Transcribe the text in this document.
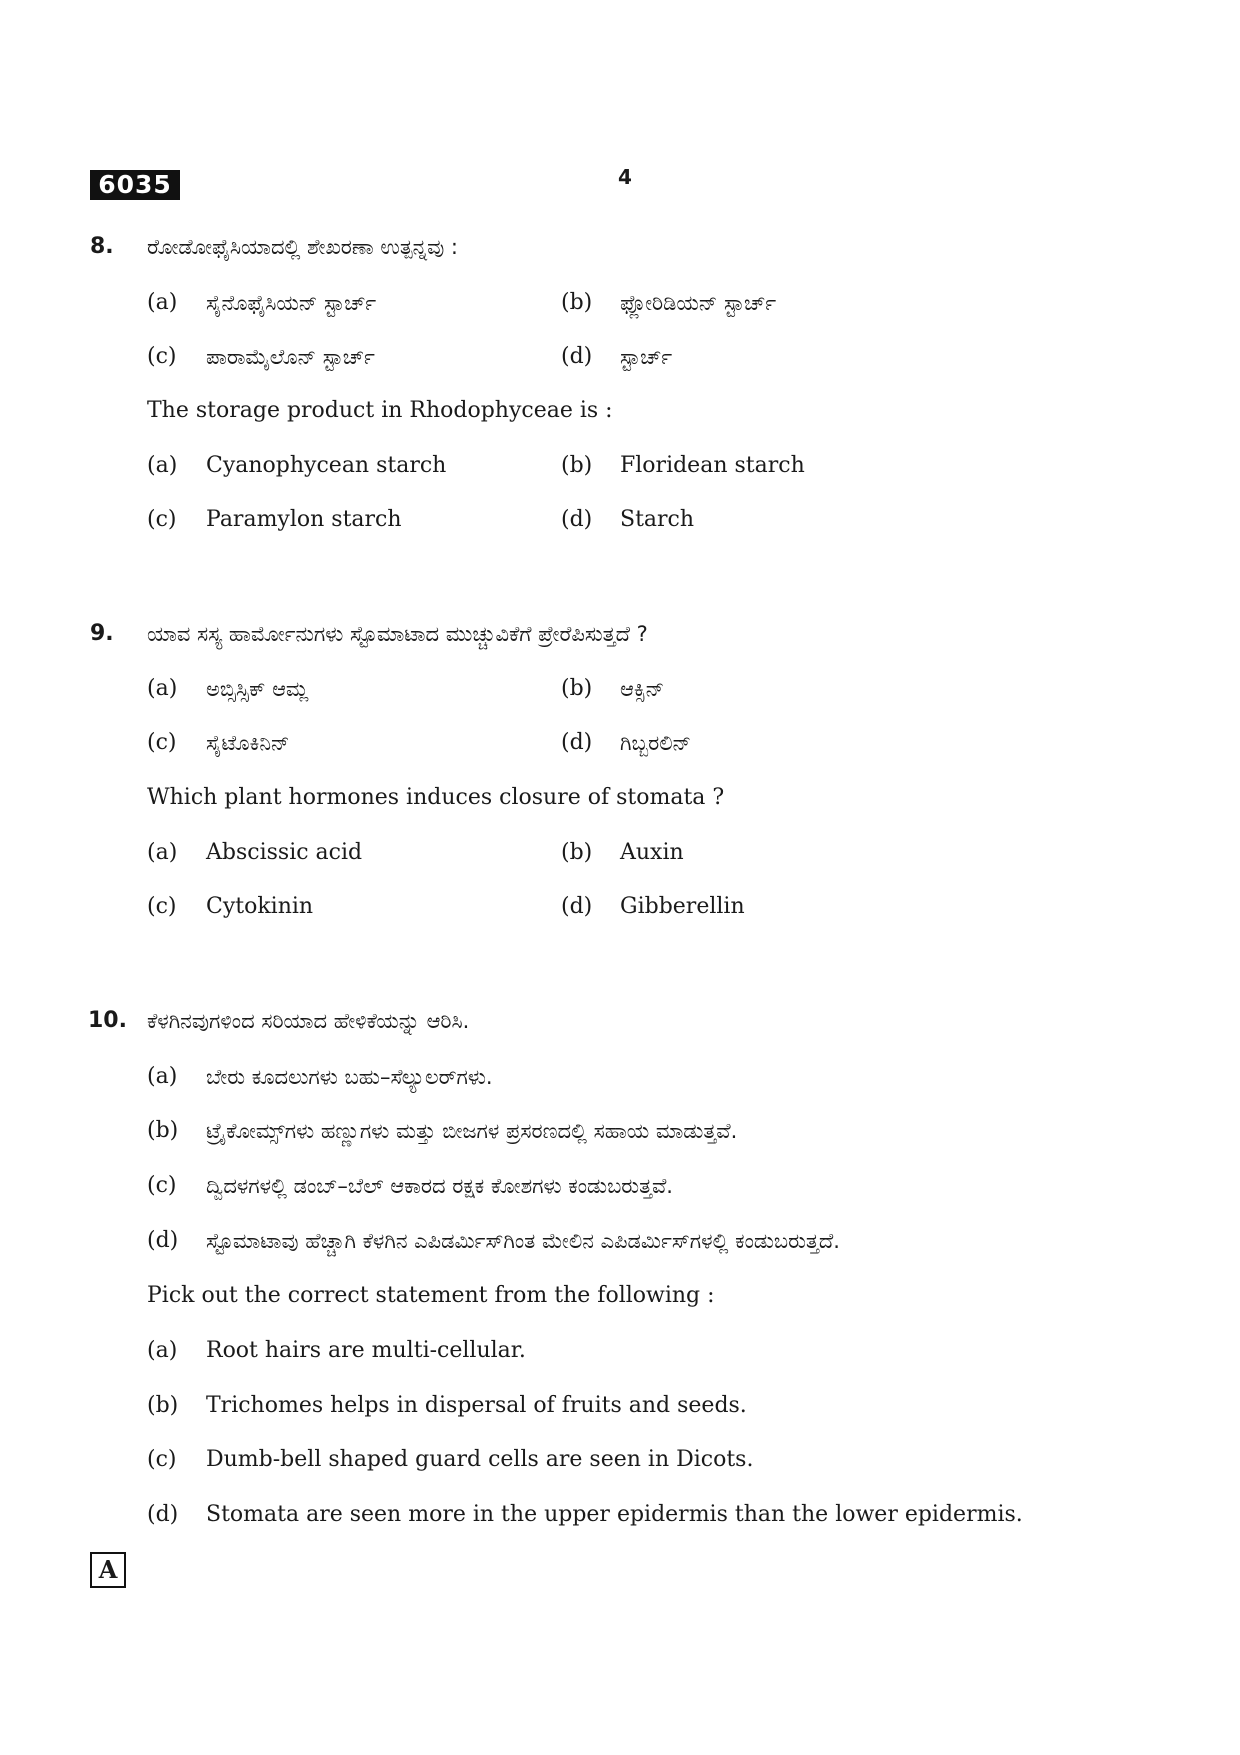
6035	4
8. ರೋಡೋಫೈಸಿಯಾದಲ್ಲಿ ಶೇಖರಣಾ ಉತ್ಪನ್ನವು :
(a) ಸೈನೊಫೈಸಿಯನ್ ಸ್ಟಾರ್ಚ್	(b) ಫ್ಲೋರಿಡಿಯನ್ ಸ್ಟಾರ್ಚ್
(c) ಪಾರಾಮೈಲೊನ್ ಸ್ಟಾರ್ಚ್	(d) ಸ್ಟಾರ್ಚ್
The storage product in Rhodophyceae is :
(a) Cyanophycean starch	(b) Floridean starch
(c) Paramylon starch	(d) Starch
9. ಯಾವ ಸಸ್ಯ ಹಾರ್ಮೋನುಗಳು ಸ್ಟೊಮಾಟಾದ ಮುಚ್ಚುವಿಕೆಗೆ ಪ್ರೇರೆಪಿಸುತ್ತದೆ ?
(a) ಅಬ್ಸಿಸ್ಸಿಕ್ ಆಮ್ಲ	(b) ಆಕ್ಸಿನ್
(c) ಸೈಟೊಕಿನಿನ್	(d) ಗಿಬ್ಬರಲಿನ್
Which plant hormones induces closure of stomata ?
(a) Abscissic acid	(b) Auxin
(c) Cytokinin	(d) Gibberellin
10. ಕೆಳಗಿನವುಗಳಿಂದ ಸರಿಯಾದ ಹೇಳಿಕೆಯನ್ನು ಆರಿಸಿ.
(a) ಬೇರು ಕೂದಲುಗಳು ಬಹು–ಸೆಲ್ಯುಲರ್‌ಗಳು.
(b) ಟ್ರೈಕೋಮ್ಸ್‌ಗಳು ಹಣ್ಣುಗಳು ಮತ್ತು ಬೀಜಗಳ ಪ್ರಸರಣದಲ್ಲಿ ಸಹಾಯ ಮಾಡುತ್ತವೆ.
(c) ದ್ವಿದಳಗಳಲ್ಲಿ ಡಂಬ್–ಬೆಲ್ ಆಕಾರದ ರಕ್ಷಕ ಕೋಶಗಳು ಕಂಡುಬರುತ್ತವೆ.
(d) ಸ್ಟೊಮಾಟಾವು ಹೆಚ್ಚಾಗಿ ಕೆಳಗಿನ ಎಪಿಡರ್ಮಿಸ್‌ಗಿಂತ ಮೇಲಿನ ಎಪಿಡರ್ಮಿಸ್‌ಗಳಲ್ಲಿ ಕಂಡುಬರುತ್ತದೆ.
Pick out the correct statement from the following :
(a) Root hairs are multi-cellular.
(b) Trichomes helps in dispersal of fruits and seeds.
(c) Dumb-bell shaped guard cells are seen in Dicots.
(d) Stomata are seen more in the upper epidermis than the lower epidermis.
A
